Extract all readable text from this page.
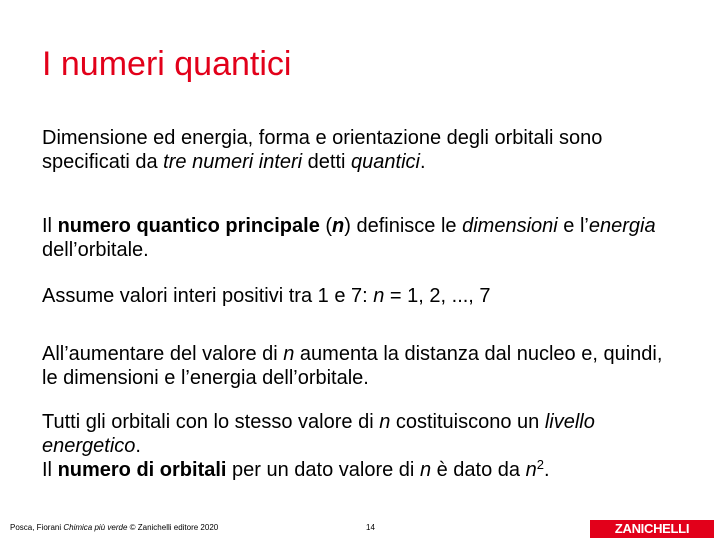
I numeri quantici

Dimensione ed energia, forma e orientazione degli orbitali sono specificati da tre numeri interi detti quantici.

Il numero quantico principale (n) definisce le dimensioni e l’energia dell’orbitale.

Assume valori interi positivi tra 1 e 7: n = 1, 2, ..., 7

All’aumentare del valore di n aumenta la distanza dal nucleo e, quindi, le dimensioni e l’energia dell’orbitale.

Tutti gli orbitali con lo stesso valore di n costituiscono un livello energetico.
Il numero di orbitali per un dato valore di n è dato da $n^2$.

Posca, Fiorani Chimica più verde © Zanichelli editore 2020	14	ZANICHELLI
